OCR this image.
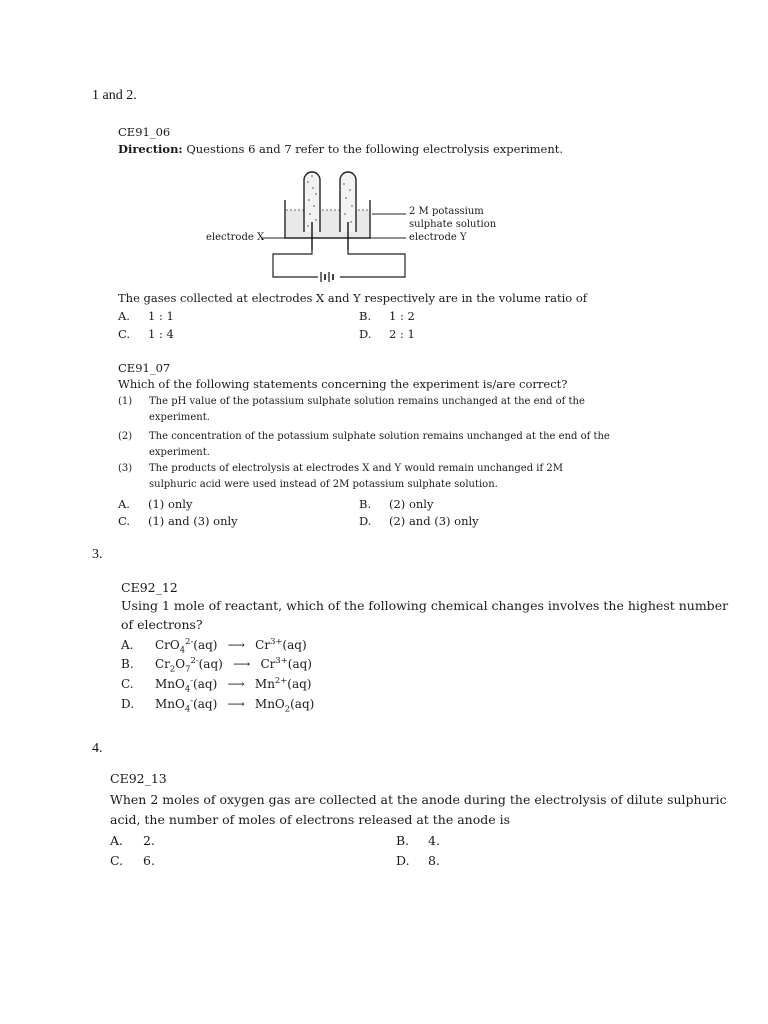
1 and 2.
CE91_06
Direction: Questions 6 and 7 refer to the following electrolysis experiment.
2 M potassium
sulphate solution
electrode X	electrode Y
The gases collected at electrodes X and Y respectively are in the volume ratio of
A. 1 : 1	B. 1 : 2
C. 1 : 4	D. 2 : 1
CE91_07
Which of the following statements concerning the experiment is/are correct?
(1) The pH value of the potassium sulphate solution remains unchanged at the end of the
experiment.
(2) The concentration of the potassium sulphate solution remains unchanged at the end of the
experiment.
(3) The products of electrolysis at electrodes X and Y would remain unchanged if 2M
sulphuric acid were used instead of 2M potassium sulphate solution.
A. (1) only	B. (2) only
C. (1) and (3) only	D. (2) and (3) only
3.
CE92_12
Using 1 mole of reactant, which of the following chemical changes involves the highest number
of electrons?
A. CrO$_4^{2-}$(aq) ⟶ $Cr^{3+}(aq)$
B. $Cr_2O_7^{2-}(aq)$ ⟶ $Cr^{3+}(aq)$
C. MnO$_4$-(aq) ⟶ $Mn^{2+}(aq)$
D. MnO$_4$-(aq) ⟶ MnO$_2$(aq)
4.
CE92_13
When 2 moles of oxygen gas are collected at the anode during the electrolysis of dilute sulphuric
acid, the number of moles of electrons released at the anode is
A. 2.	B. 4.
C. 6.	D. 8.
